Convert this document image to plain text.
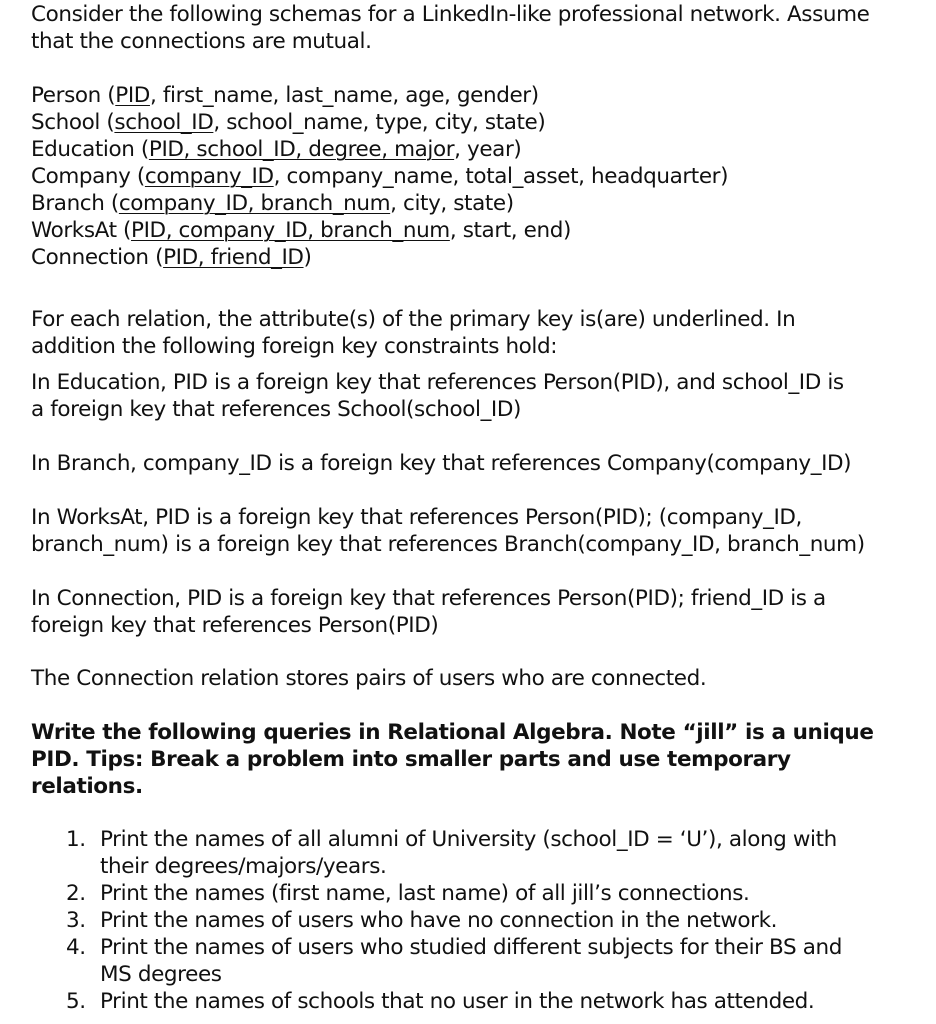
Consider the following schemas for a LinkedIn-like professional network. Assume
that the connections are mutual.

Person (PID, first_name, last_name, age, gender)
School (school_ID, school_name, type, city, state)
Education (PID, school_ID, degree, major, year)
Company (company_ID, company_name, total_asset, headquarter)
Branch (company_ID, branch_num, city, state)
WorksAt (PID, company_ID, branch_num, start, end)
Connection (PID, friend_ID)

For each relation, the attribute(s) of the primary key is(are) underlined. In
addition the following foreign key constraints hold:

In Education, PID is a foreign key that references Person(PID), and school_ID is
a foreign key that references School(school_ID)

In Branch, company_ID is a foreign key that references Company(company_ID)

In WorksAt, PID is a foreign key that references Person(PID); (company_ID,
branch_num) is a foreign key that references Branch(company_ID, branch_num)

In Connection, PID is a foreign key that references Person(PID); friend_ID is a
foreign key that references Person(PID)

The Connection relation stores pairs of users who are connected.

Write the following queries in Relational Algebra. Note “jill” is a unique
PID. Tips: Break a problem into smaller parts and use temporary
relations.

1. Print the names of all alumni of University (school_ID = ‘U’), along with
their degrees/majors/years.
2. Print the names (first name, last name) of all jill’s connections.
3. Print the names of users who have no connection in the network.
4. Print the names of users who studied different subjects for their BS and
MS degrees
5. Print the names of schools that no user in the network has attended.
